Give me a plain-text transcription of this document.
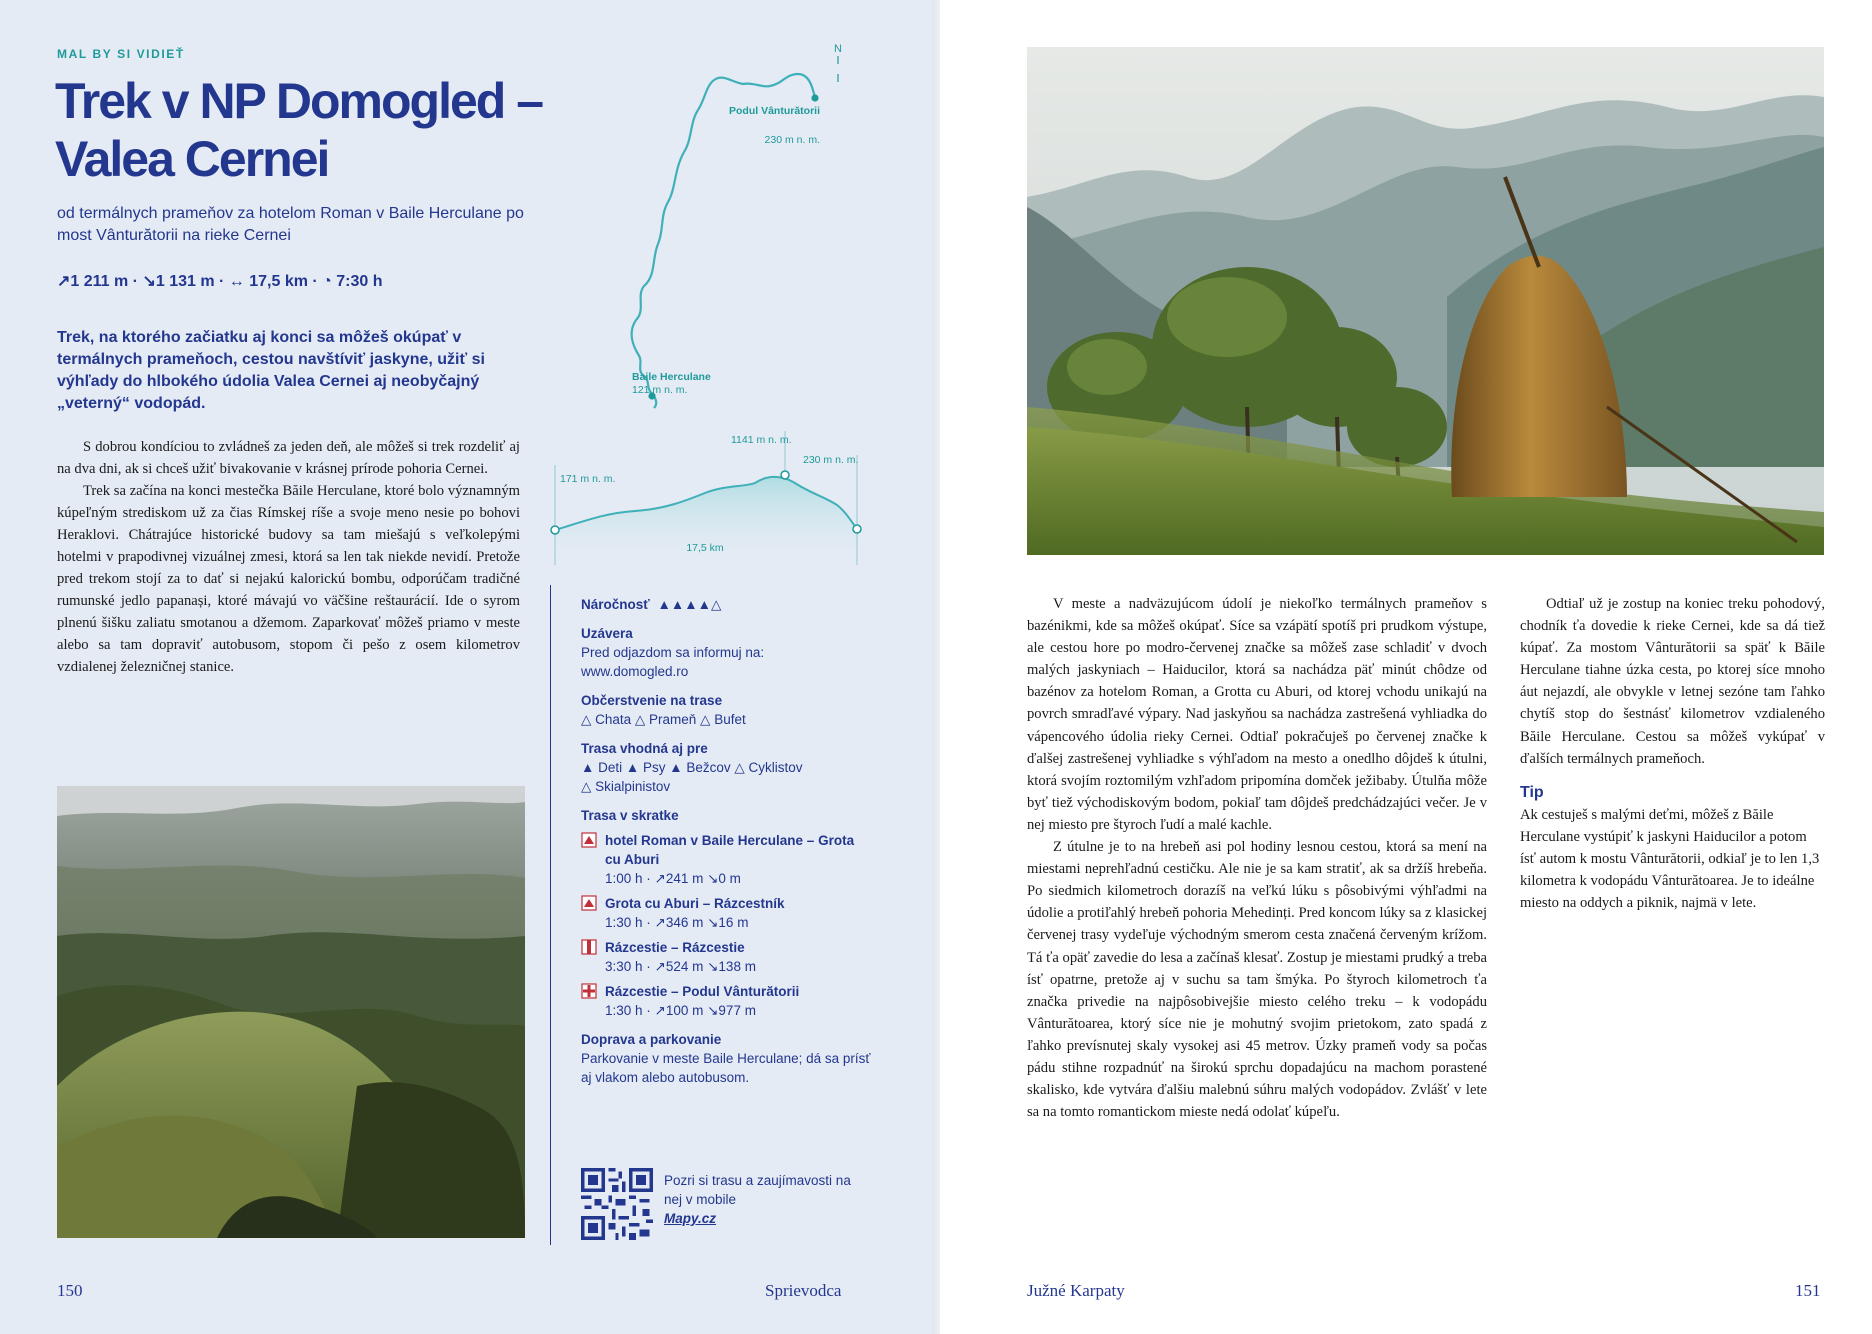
MAL BY SI VIDIEŤ
Trek v NP Domogled – Valea Cernei
od termálnych prameňov za hotelom Roman v Baile Herculane po most Vânturătorii na rieke Cernei
↗1 211 m · ↘1 131 m · ↔ 17,5 km · ◔ 7:30 h
Trek, na ktorého začiatku aj konci sa môžeš okúpať v termálnych prameňoch, cestou navštíviť jaskyne, užiť si výhľady do hlbokého údolia Valea Cernei aj neobyčajný „veterný“ vodopád.

S dobrou kondíciou to zvládneš za jeden deň, ale môžeš si trek rozdeliť aj na dva dni, ak si chceš užiť bivakovanie v krásnej prírode pohoria Cernei.

Trek sa začína na konci mestečka Băile Herculane, ktoré bolo významným kúpeľným strediskom už za čias Rímskej ríše a svoje meno nesie po bohovi Heraklovi. Chátrajúce historické budovy sa tam miešajú s veľkolepými hotelmi v prapodivnej vizuálnej zmesi, ktorá sa len tak niekde nevidí. Pretože pred trekom stojí za to dať si nejakú kalorickú bombu, odporúčam tradičné rumunské jedlo papanași, ktoré mávajú vo väčšine reštaurácií. Ide o syrom plnenú šišku zaliatu smotanou a džemom. Zaparkovať môžeš priamo v meste alebo sa tam dopraviť autobusom, stopom či pešo z osem kilometrov vzdialenej železničnej stanice.

N
Podul Vânturătorii
230 m n. m.
Baile Herculane
121 m n. m.
171 m n. m.
1141 m n. m.
230 m n. m.
17,5 km
Náročnosť ▲▲▲▲△
Uzávera
Pred odjazdom sa informuj na:
www.domogled.ro
Občerstvenie na trase
△ Chata △ Prameň △ Bufet
Trasa vhodná aj pre
▲ Deti ▲ Psy ▲ Bežcov △ Cyklistov
△ Skialpinistov
Trasa v skratke
hotel Roman v Baile Herculane – Grota cu Aburi
1:00 h · ↗241 m ↘0 m
Grota cu Aburi – Rázcestník
1:30 h · ↗346 m ↘16 m
Rázcestie – Rázcestie
3:30 h · ↗524 m ↘138 m
Rázcestie – Podul Vânturătorii
1:30 h · ↗100 m ↘977 m
Doprava a parkovanie
Parkovanie v meste Baile Herculane; dá sa prísť aj vlakom alebo autobusom.
Pozri si trasu a zaujímavosti na nej v mobile
Mapy.cz
150	Sprievodca

V meste a nadväzujúcom údolí je niekoľko termálnych prameňov s bazénikmi, kde sa môžeš okúpať. Síce sa vzápätí spotíš pri prudkom výstupe, ale cestou hore po modro-červenej značke sa môžeš zase schladiť v dvoch malých jaskyniach – Haiducilor, ktorá sa nachádza päť minút chôdze od bazénov za hotelom Roman, a Grotta cu Aburi, od ktorej vchodu unikajú na povrch smradľavé výpary. Nad jaskyňou sa nachádza zastrešená vyhliadka do vápencového údolia rieky Cernei. Odtiaľ pokračuješ po červenej značke k ďalšej zastrešenej vyhliadke s výhľadom na mesto a onedlho dôjdeš k útulni, ktorá svojím roztomilým vzhľadom pripomína domček ježibaby. Útulňa môže byť tiež východiskovým bodom, pokiaľ tam dôjdeš predchádzajúci večer. Je v nej miesto pre štyroch ľudí a malé kachle.

Z útulne je to na hrebeň asi pol hodiny lesnou cestou, ktorá sa mení na miestami neprehľadnú cestičku. Ale nie je sa kam stratiť, ak sa držíš hrebeňa. Po siedmich kilometroch dorazíš na veľkú lúku s pôsobivými výhľadmi na údolie a protiľahlý hrebeň pohoria Mehedinți. Pred koncom lúky sa z klasickej červenej trasy vydeľuje východným smerom cesta značená červeným krížom. Tá ťa opäť zavedie do lesa a začínaš klesať. Zostup je miestami prudký a treba ísť opatrne, pretože aj v suchu sa tam šmýka. Po štyroch kilometroch ťa značka privedie na najpôsobivejšie miesto celého treku – k vodopádu Vânturătoarea, ktorý síce nie je mohutný svojim prietokom, zato spadá z ľahko prevísnutej skaly vysokej asi 45 metrov. Úzky prameň vody sa počas pádu stihne rozpadnúť na širokú sprchu dopadajúcu na machom porastené skalisko, kde vytvára ďalšiu malebnú súhru malých vodopádov. Zvlášť v lete sa na tomto romantickom mieste nedá odolať kúpeľu.

Odtiaľ už je zostup na koniec treku pohodový, chodník ťa dovedie k rieke Cernei, kde sa dá tiež kúpať. Za mostom Vânturătorii sa späť k Băile Herculane tiahne úzka cesta, po ktorej síce mnoho áut nejazdí, ale obvykle v letnej sezóne tam ľahko chytíš stop do šestnásť kilometrov vzdialeného Băile Herculane. Cestou sa môžeš vykúpať v ďalších termálnych prameňoch.

Tip

Ak cestuješ s malými deťmi, môžeš z Băile Herculane vystúpiť k jaskyni Haiducilor a potom ísť autom k mostu Vânturătorii, odkiaľ je to len 1,3 kilometra k vodopádu Vânturătoarea. Je to ideálne miesto na oddych a piknik, najmä v lete.

Južné Karpaty	151
